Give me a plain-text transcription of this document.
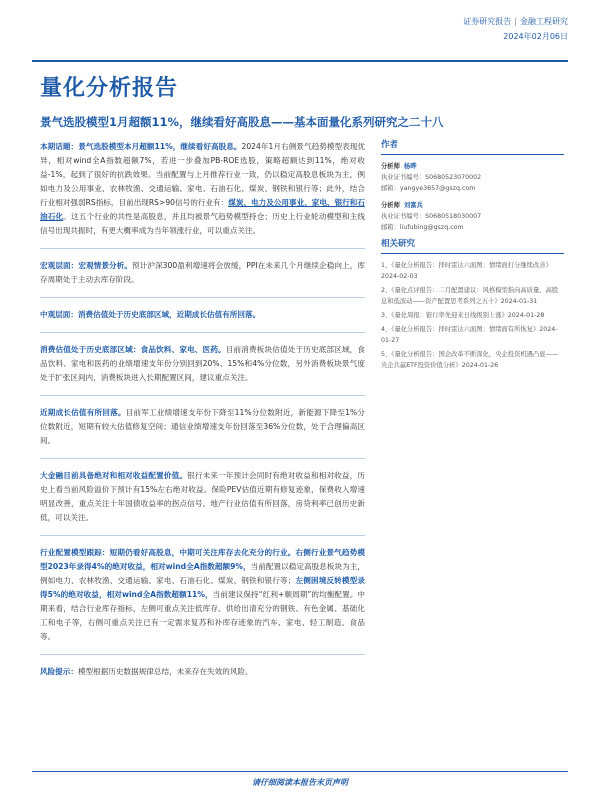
证券研究报告 | 金融工程研究
2024年02月06日
量化分析报告
景气选股模型1月超额11%，继续看好高股息——基本面量化系列研究之二十八

本期话题：景气选股模型本月超额11%，继续看好高股息。2024年1月右侧景气趋势模型表现优异，相对wind全A指数超额7%，若进一步叠加PB-ROE选股，策略超额达到11%，绝对收益-1%，起到了很好的抗跌效果。当前配置与上月推荐行业一致，仍以稳定高股息板块为主，例如电力及公用事业、农林牧渔、交通运输、家电、石油石化、煤炭、钢铁和银行等；此外，结合行业相对强弱RS指标，目前出现RS>90信号的行业有：煤炭、电力及公用事业、家电、银行和石油石化。这五个行业的共性是高股息，并且均被景气趋势模型持仓；历史上行业轮动模型和主线信号出现共振时，有更大概率成为当年领涨行业，可以重点关注。

宏观层面：宏观情景分析。预计沪深300盈利增速将会放缓，PPI在未来几个月继续企稳向上，库存周期处于主动去库存阶段。

中观层面：消费估值处于历史底部区域，近期成长估值有所回落。

消费估值处于历史底部区域：食品饮料、家电、医药。目前消费板块估值处于历史底部区域，食品饮料、家电和医药的业绩增速支年份分别回到20%、15%和4%分位数，另外消费板块景气度处于扩张区间内，消费板块进入长期配置区间，建议重点关注。

近期成长估值有所回落。目前军工业绩增速支年份下降至11%分位数附近，新能源下降至1%分位数附近，短期有较大估值修复空间；通信业绩增速支年份回落至36%分位数，处于合理偏高区间。

大金融目前具备绝对和相对收益配置价值。银行未来一年预计会同时有绝对收益和相对收益，历史上看当前风险溢价下预计有15%左右绝对收益。保险PEV估值近期有修复迹象，保费收入增速明显改善，重点关注十年国债收益率的拐点信号。地产行业估值有所回落，房贷利率已创历史新低，可以关注。

行业配置模型跟踪：短期仍看好高股息，中期可关注库存去化充分的行业。右侧行业景气趋势模型2023年录得4%的绝对收益，相对wind全A指数超额9%，当前配置以稳定高股息板块为主，例如电力、农林牧渔、交通运输、家电、石油石化、煤炭、钢铁和银行等；左侧困境反转模型录得5%的绝对收益，相对wind全A指数超额11%，当前建议保持“红利+顺周期”的均衡配置。中期来看，结合行业库存指标，左侧可重点关注低库存、供给出清充分的钢铁、有色金属、基础化工和电子等，右侧可重点关注已有一定需求复苏和补库存迹象的汽车、家电、轻工制造、食品等。

风险提示：模型根据历史数据规律总结，未来存在失效的风险。

作者
分析师 杨晔
执业证书编号：S0680523070002
邮箱：yangye3657@gszq.com
分析师 刘富兵
执业证书编号：S0680518030007
邮箱：liufubing@gszq.com
相关研究
1、《量化分析报告：择时雷达六面图：情绪面打分继续改善》2024-02-03
2、《量化点评报告：二月配置建议：风格模型指向高质量、高股息和低波动——资产配置思考系列之五十》2024-01-31
3、《量化周报：银行率先迎来日线级别上涨》2024-01-28
4、《量化分析报告：择时雷达六面图：情绪面有所恢复》2024-01-27
5、《量化分析报告：国企改革不断深化，央企投资机遇凸显——央企共赢ETF投资价值分析》2024-01-26
请仔细阅读本报告末页声明
